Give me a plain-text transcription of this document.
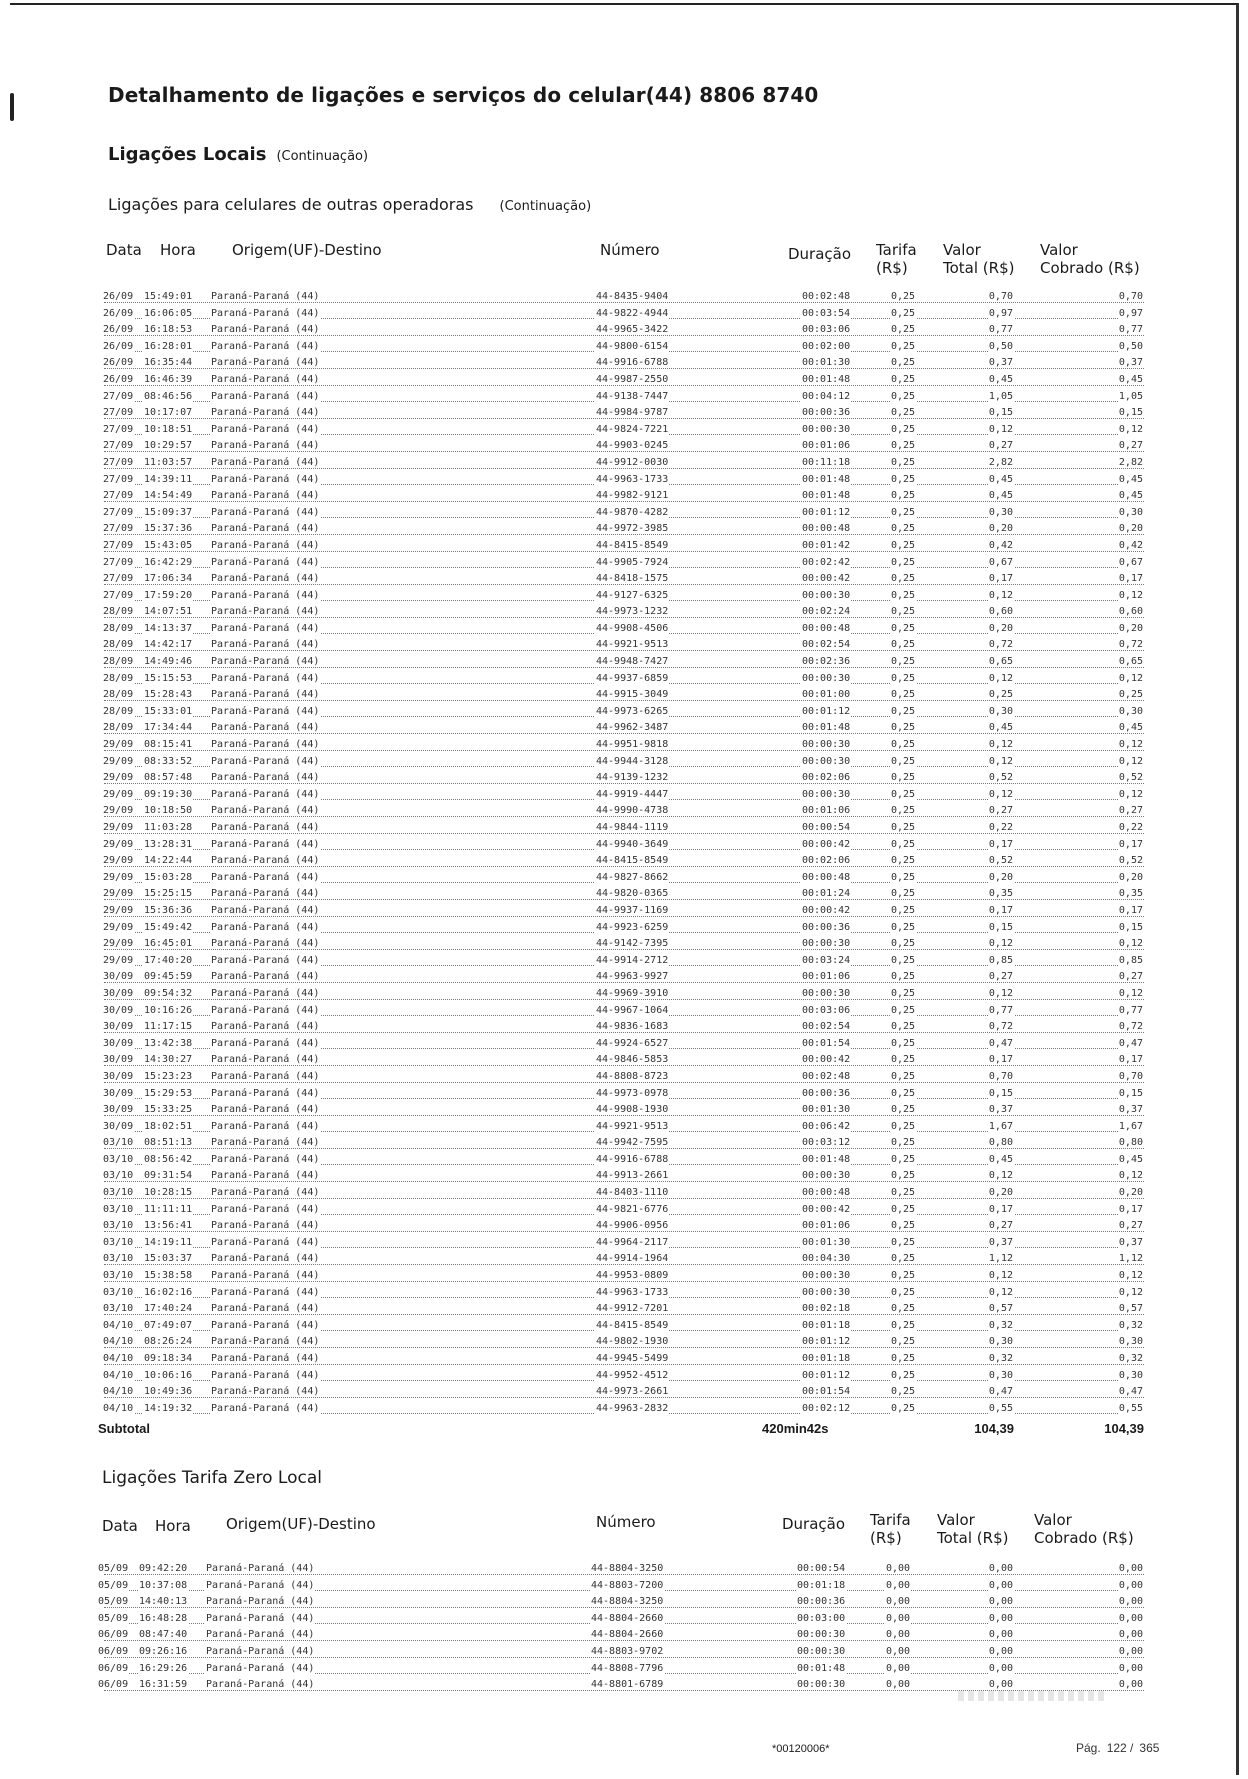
Detalhamento de ligações e serviços do celular(44) 8806 8740
Ligações Locais (Continuação)
Ligações para celulares de outras operadoras (Continuação)
Data Hora Origem(UF)-Destino	Número	Duração Tarifa
(R$)
Valor
Total (R$)
Valor
Cobrado (R$)
26/09 15:49:01 Paraná-Paraná (44)	44-8435-9404	00:02:48	0,25	0,70	0,70
26/09 16:06:05 Paraná-Paraná (44)	44-9822-4944	00:03:54	0,25	0,97	0,97
26/09 16:18:53 Paraná-Paraná (44)	44-9965-3422	00:03:06	0,25	0,77	0,77
26/09 16:28:01 Paraná-Paraná (44)	44-9800-6154	00:02:00	0,25	0,50	0,50
26/09 16:35:44 Paraná-Paraná (44)	44-9916-6788	00:01:30	0,25	0,37	0,37
26/09 16:46:39 Paraná-Paraná (44)	44-9987-2550	00:01:48	0,25	0,45	0,45
27/09 08:46:56 Paraná-Paraná (44)	44-9138-7447	00:04:12	0,25	1,05	1,05
27/09 10:17:07 Paraná-Paraná (44)	44-9984-9787	00:00:36	0,25	0,15	0,15
27/09 10:18:51 Paraná-Paraná (44)	44-9824-7221	00:00:30	0,25	0,12	0,12
27/09 10:29:57 Paraná-Paraná (44)	44-9903-0245	00:01:06	0,25	0,27	0,27
27/09 11:03:57 Paraná-Paraná (44)	44-9912-0030	00:11:18	0,25	2,82	2,82
27/09 14:39:11 Paraná-Paraná (44)	44-9963-1733	00:01:48	0,25	0,45	0,45
27/09 14:54:49 Paraná-Paraná (44)	44-9982-9121	00:01:48	0,25	0,45	0,45
27/09 15:09:37 Paraná-Paraná (44)	44-9870-4282	00:01:12	0,25	0,30	0,30
27/09 15:37:36 Paraná-Paraná (44)	44-9972-3985	00:00:48	0,25	0,20	0,20
27/09 15:43:05 Paraná-Paraná (44)	44-8415-8549	00:01:42	0,25	0,42	0,42
27/09 16:42:29 Paraná-Paraná (44)	44-9905-7924	00:02:42	0,25	0,67	0,67
27/09 17:06:34 Paraná-Paraná (44)	44-8418-1575	00:00:42	0,25	0,17	0,17
27/09 17:59:20 Paraná-Paraná (44)	44-9127-6325	00:00:30	0,25	0,12	0,12
28/09 14:07:51 Paraná-Paraná (44)	44-9973-1232	00:02:24	0,25	0,60	0,60
28/09 14:13:37 Paraná-Paraná (44)	44-9908-4506	00:00:48	0,25	0,20	0,20
28/09 14:42:17 Paraná-Paraná (44)	44-9921-9513	00:02:54	0,25	0,72	0,72
28/09 14:49:46 Paraná-Paraná (44)	44-9948-7427	00:02:36	0,25	0,65	0,65
28/09 15:15:53 Paraná-Paraná (44)	44-9937-6859	00:00:30	0,25	0,12	0,12
28/09 15:28:43 Paraná-Paraná (44)	44-9915-3049	00:01:00	0,25	0,25	0,25
28/09 15:33:01 Paraná-Paraná (44)	44-9973-6265	00:01:12	0,25	0,30	0,30
28/09 17:34:44 Paraná-Paraná (44)	44-9962-3487	00:01:48	0,25	0,45	0,45
29/09 08:15:41 Paraná-Paraná (44)	44-9951-9818	00:00:30	0,25	0,12	0,12
29/09 08:33:52 Paraná-Paraná (44)	44-9944-3128	00:00:30	0,25	0,12	0,12
29/09 08:57:48 Paraná-Paraná (44)	44-9139-1232	00:02:06	0,25	0,52	0,52
29/09 09:19:30 Paraná-Paraná (44)	44-9919-4447	00:00:30	0,25	0,12	0,12
29/09 10:18:50 Paraná-Paraná (44)	44-9990-4738	00:01:06	0,25	0,27	0,27
29/09 11:03:28 Paraná-Paraná (44)	44-9844-1119	00:00:54	0,25	0,22	0,22
29/09 13:28:31 Paraná-Paraná (44)	44-9940-3649	00:00:42	0,25	0,17	0,17
29/09 14:22:44 Paraná-Paraná (44)	44-8415-8549	00:02:06	0,25	0,52	0,52
29/09 15:03:28 Paraná-Paraná (44)	44-9827-8662	00:00:48	0,25	0,20	0,20
29/09 15:25:15 Paraná-Paraná (44)	44-9820-0365	00:01:24	0,25	0,35	0,35
29/09 15:36:36 Paraná-Paraná (44)	44-9937-1169	00:00:42	0,25	0,17	0,17
29/09 15:49:42 Paraná-Paraná (44)	44-9923-6259	00:00:36	0,25	0,15	0,15
29/09 16:45:01 Paraná-Paraná (44)	44-9142-7395	00:00:30	0,25	0,12	0,12
29/09 17:40:20 Paraná-Paraná (44)	44-9914-2712	00:03:24	0,25	0,85	0,85
30/09 09:45:59 Paraná-Paraná (44)	44-9963-9927	00:01:06	0,25	0,27	0,27
30/09 09:54:32 Paraná-Paraná (44)	44-9969-3910	00:00:30	0,25	0,12	0,12
30/09 10:16:26 Paraná-Paraná (44)	44-9967-1064	00:03:06	0,25	0,77	0,77
30/09 11:17:15 Paraná-Paraná (44)	44-9836-1683	00:02:54	0,25	0,72	0,72
30/09 13:42:38 Paraná-Paraná (44)	44-9924-6527	00:01:54	0,25	0,47	0,47
30/09 14:30:27 Paraná-Paraná (44)	44-9846-5853	00:00:42	0,25	0,17	0,17
30/09 15:23:23 Paraná-Paraná (44)	44-8808-8723	00:02:48	0,25	0,70	0,70
30/09 15:29:53 Paraná-Paraná (44)	44-9973-0978	00:00:36	0,25	0,15	0,15
30/09 15:33:25 Paraná-Paraná (44)	44-9908-1930	00:01:30	0,25	0,37	0,37
30/09 18:02:51 Paraná-Paraná (44)	44-9921-9513	00:06:42	0,25	1,67	1,67
03/10 08:51:13 Paraná-Paraná (44)	44-9942-7595	00:03:12	0,25	0,80	0,80
03/10 08:56:42 Paraná-Paraná (44)	44-9916-6788	00:01:48	0,25	0,45	0,45
03/10 09:31:54 Paraná-Paraná (44)	44-9913-2661	00:00:30	0,25	0,12	0,12
03/10 10:28:15 Paraná-Paraná (44)	44-8403-1110	00:00:48	0,25	0,20	0,20
03/10 11:11:11 Paraná-Paraná (44)	44-9821-6776	00:00:42	0,25	0,17	0,17
03/10 13:56:41 Paraná-Paraná (44)	44-9906-0956	00:01:06	0,25	0,27	0,27
03/10 14:19:11 Paraná-Paraná (44)	44-9964-2117	00:01:30	0,25	0,37	0,37
03/10 15:03:37 Paraná-Paraná (44)	44-9914-1964	00:04:30	0,25	1,12	1,12
03/10 15:38:58 Paraná-Paraná (44)	44-9953-0809	00:00:30	0,25	0,12	0,12
03/10 16:02:16 Paraná-Paraná (44)	44-9963-1733	00:00:30	0,25	0,12	0,12
03/10 17:40:24 Paraná-Paraná (44)	44-9912-7201	00:02:18	0,25	0,57	0,57
04/10 07:49:07 Paraná-Paraná (44)	44-8415-8549	00:01:18	0,25	0,32	0,32
04/10 08:26:24 Paraná-Paraná (44)	44-9802-1930	00:01:12	0,25	0,30	0,30
04/10 09:18:34 Paraná-Paraná (44)	44-9945-5499	00:01:18	0,25	0,32	0,32
04/10 10:06:16 Paraná-Paraná (44)	44-9952-4512	00:01:12	0,25	0,30	0,30
04/10 10:49:36 Paraná-Paraná (44)	44-9973-2661	00:01:54	0,25	0,47	0,47
04/10 14:19:32 Paraná-Paraná (44)	44-9963-2832	00:02:12	0,25	0,55	0,55
Subtotal	420min42s	104,39	104,39
Ligações Tarifa Zero Local
Data Hora Origem(UF)-Destino	Número	Duração Tarifa
(R$)
Valor
Total (R$)
Valor
Cobrado (R$)
05/09 09:42:20 Paraná-Paraná (44)	44-8804-3250	00:00:54	0,00	0,00	0,00
05/09 10:37:08 Paraná-Paraná (44)	44-8803-7200	00:01:18	0,00	0,00	0,00
05/09 14:40:13 Paraná-Paraná (44)	44-8804-3250	00:00:36	0,00	0,00	0,00
05/09 16:48:28 Paraná-Paraná (44)	44-8804-2660	00:03:00	0,00	0,00	0,00
06/09 08:47:40 Paraná-Paraná (44)	44-8804-2660	00:00:30	0,00	0,00	0,00
06/09 09:26:16 Paraná-Paraná (44)	44-8803-9702	00:00:30	0,00	0,00	0,00
06/09 16:29:26 Paraná-Paraná (44)	44-8808-7796	00:01:48	0,00	0,00	0,00
06/09 16:31:59 Paraná-Paraná (44)	44-8801-6789	00:00:30	0,00	0,00	0,00
*00120006*	Pág. 122 / 365
